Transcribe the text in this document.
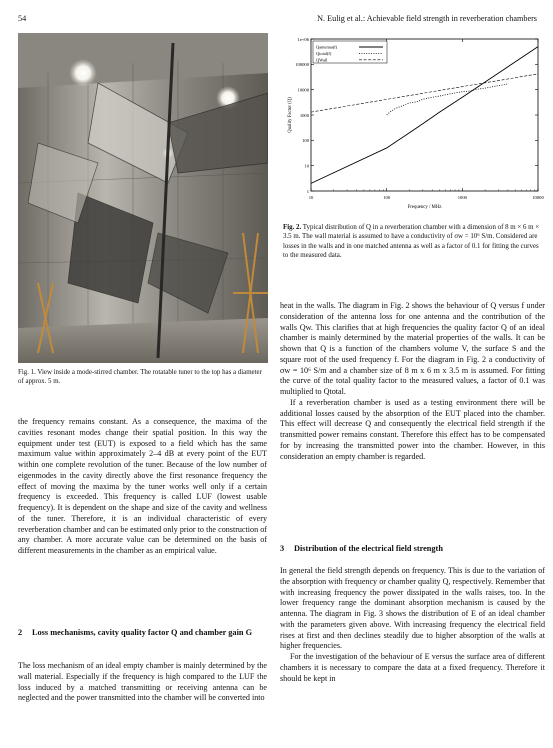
54	N. Eulig et al.: Achievable field strength in reverberation chambers
Fig. 1. View inside a mode-stirred chamber. The rotatable tuner to the top has a diameter of approx. 5 m.
1
10
100
1000
10000
100000
1e+06
10	100	1000	10000
Frequency / MHz
Quality Factor (Q)
Qantenna(f)
Qtotal(f)
QWall
Fig. 2. Typical distribution of Q in a reverberation chamber with a dimension of 8 m × 6 m × 3.5 m. The wall material is assumed to have a conductivity of σw = 10⁶ S/m. Considered are losses in the walls and in one matched antenna as well as a factor of 0.1 for fitting the curves to the measured data.

the frequency remains constant. As a consequence, the maxima of the cavities resonant modes change their spatial position. In this way the equipment under test (EUT) is exposed to a field which has the same maximum value within approximately 2–4 dB at every point of the EUT within one complete revolution of the tuner. Because of the low number of eigenmodes in the cavity directly above the first resonance frequency the effect of moving the maxima by the tuner works well only if a certain frequency is exceeded. This frequency is called LUF (lowest usable frequency). It is dependent on the shape and size of the cavity and wellness of the tuner. Therefore, it is an individual characteristic of every reverberation chamber and can be estimated only prior to the construction of any chamber. A more accurate value can be determined on the basis of different measurements in the chamber as an empirical value.

2 Loss mechanisms, cavity quality factor Q and chamber gain G

The loss mechanism of an ideal empty chamber is mainly determined by the wall material. Especially if the frequency is high compared to the LUF the loss induced by a matched transmitting or receiving antenna can be neglected and the power transmitted into the chamber will be converted into

heat in the walls. The diagram in Fig. 2 shows the behaviour of Q versus f under consideration of the antenna loss for one antenna and the contribution of the walls Qw. This clarifies that at high frequencies the quality factor Q of an ideal chamber is mainly determined by the material properties of the walls. It can be shown that Q is a function of the chambers volume V, the surface S and the square root of the used frequency f. For the diagram in Fig. 2 a conductivity of σw = 10⁶ S/m and a chamber size of 8 m x 6 m x 3.5 m is assumed. For fitting the curve of the total quality factor to the measured values, a factor of 0.1 was multiplied to Qtotal.

If a reverberation chamber is used as a testing environment there will be additional losses caused by the absorption of the EUT placed into the chamber. This effect will decrease Q and consequently the electrical field strength if the transmitted power remains constant. Therefore this effect has to be compensated for by increasing the transmitted power into the chamber. However, in this consideration an empty chamber is regarded.

3 Distribution of the electrical field strength

In general the field strength depends on frequency. This is due to the variation of the absorption with frequency or chamber quality Q, respectively. Remember that with increasing frequency the power dissipated in the walls raises, too. In the lower frequency range the dominant absorption mechanism is caused by the antenna. The diagram in Fig. 3 shows the distribution of E of an ideal chamber with the parameters given above. With increasing frequency the electrical field rises at first and then declines steadily due to higher absorption of the walls at higher frequencies.

For the investigation of the behaviour of E versus the surface area of different chambers it is necessary to compare the data at a fixed frequency. Therefore it should be kept in
